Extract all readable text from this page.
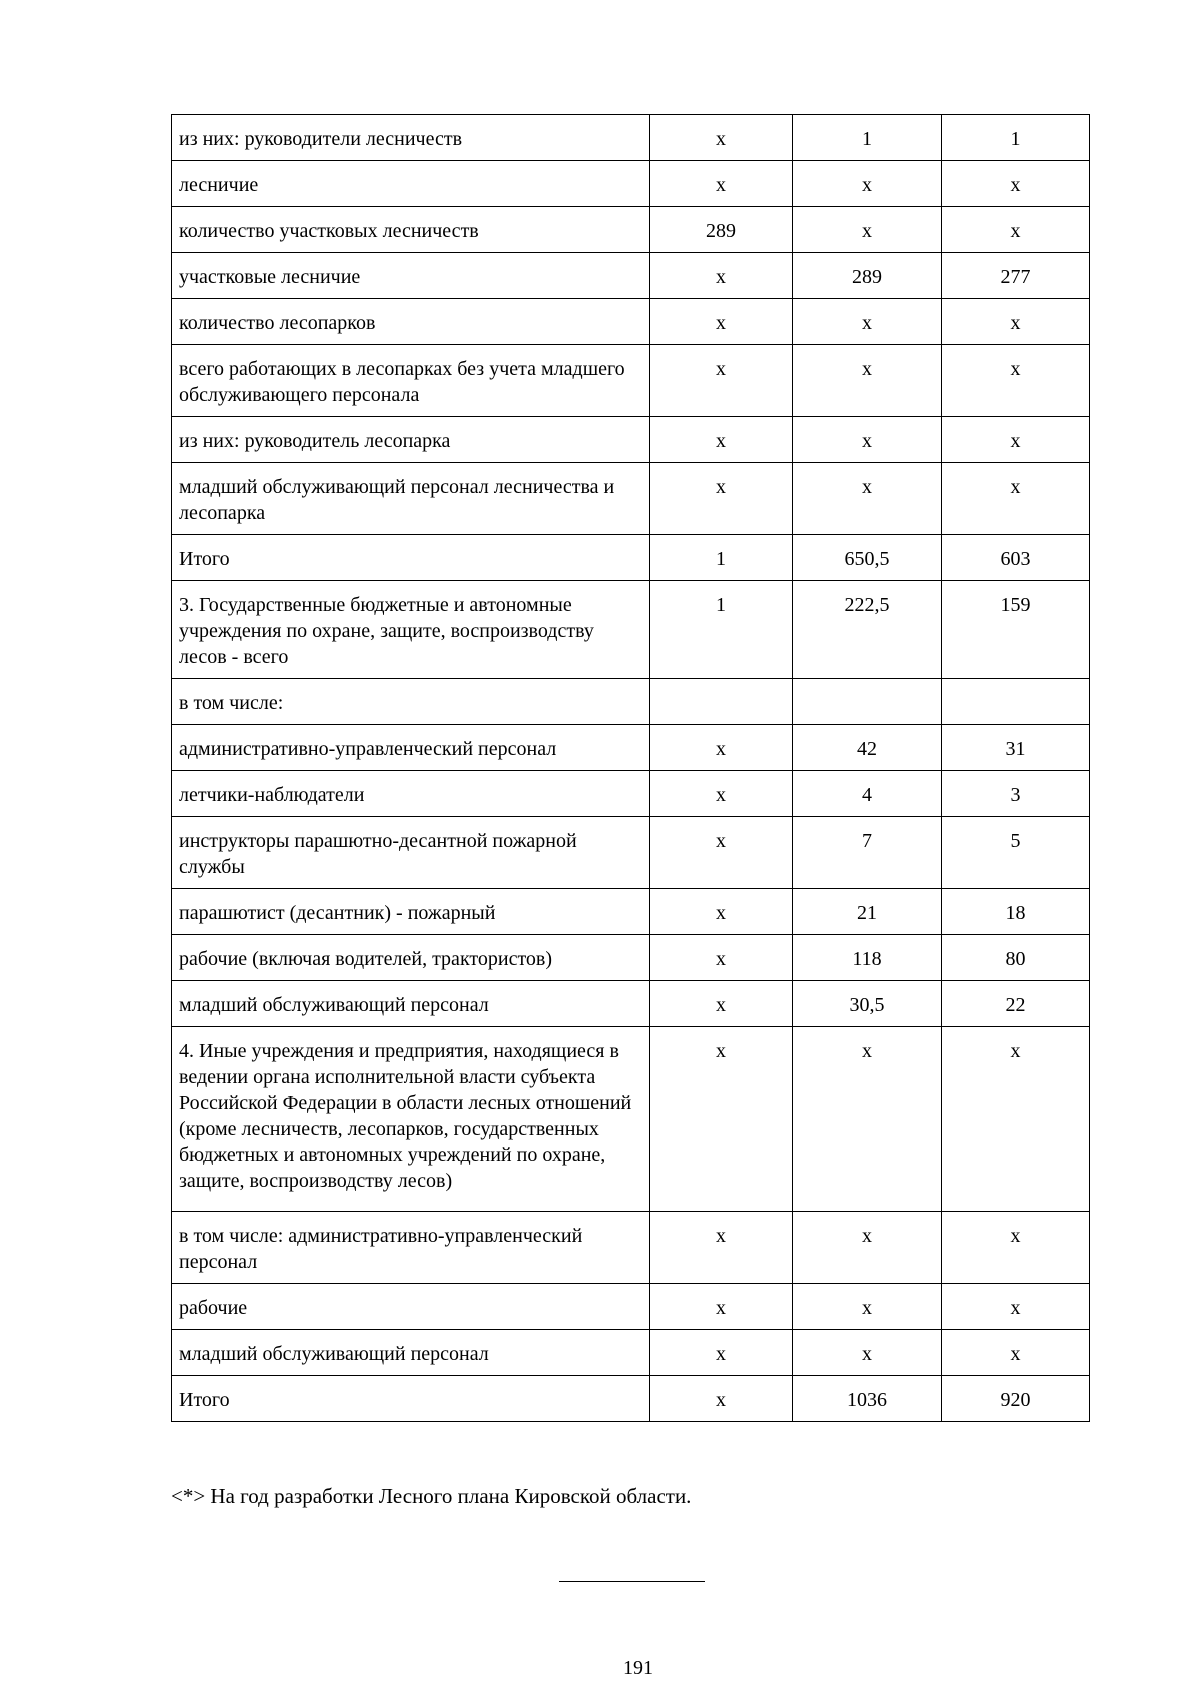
из них: руководители лесничеств	х	1	1
лесничие	х	х	х
количество участковых лесничеств	289	х	х
участковые лесничие	х	289	277
количество лесопарков	х	х	х
всего работающих в лесопарках без учета младшего обслуживающего персонала	х	х	х
из них: руководитель лесопарка	х	х	х
младший обслуживающий персонал лесничества и лесопарка	х	х	х
Итого	1	650,5	603
3. Государственные бюджетные и автономные учреждения по охране, защите, воспроизводству лесов - всего	1	222,5	159
в том числе:			
административно-управленческий персонал	х	42	31
летчики-наблюдатели	х	4	3
инструкторы парашютно-десантной пожарной службы	х	7	5
парашютист (десантник) - пожарный	х	21	18
рабочие (включая водителей, трактористов)	х	118	80
младший обслуживающий персонал	х	30,5	22
4. Иные учреждения и предприятия, находящиеся в ведении органа исполнительной власти субъекта Российской Федерации в области лесных отношений (кроме лесничеств, лесопарков, государственных бюджетных и автономных учреждений по охране, защите, воспроизводству лесов)	х	х	х
в том числе: административно-управленческий персонал	х	х	х
рабочие	х	х	х
младший обслуживающий персонал	х	х	х
Итого	х	1036	920
<*> На год разработки Лесного плана Кировской области.
191
